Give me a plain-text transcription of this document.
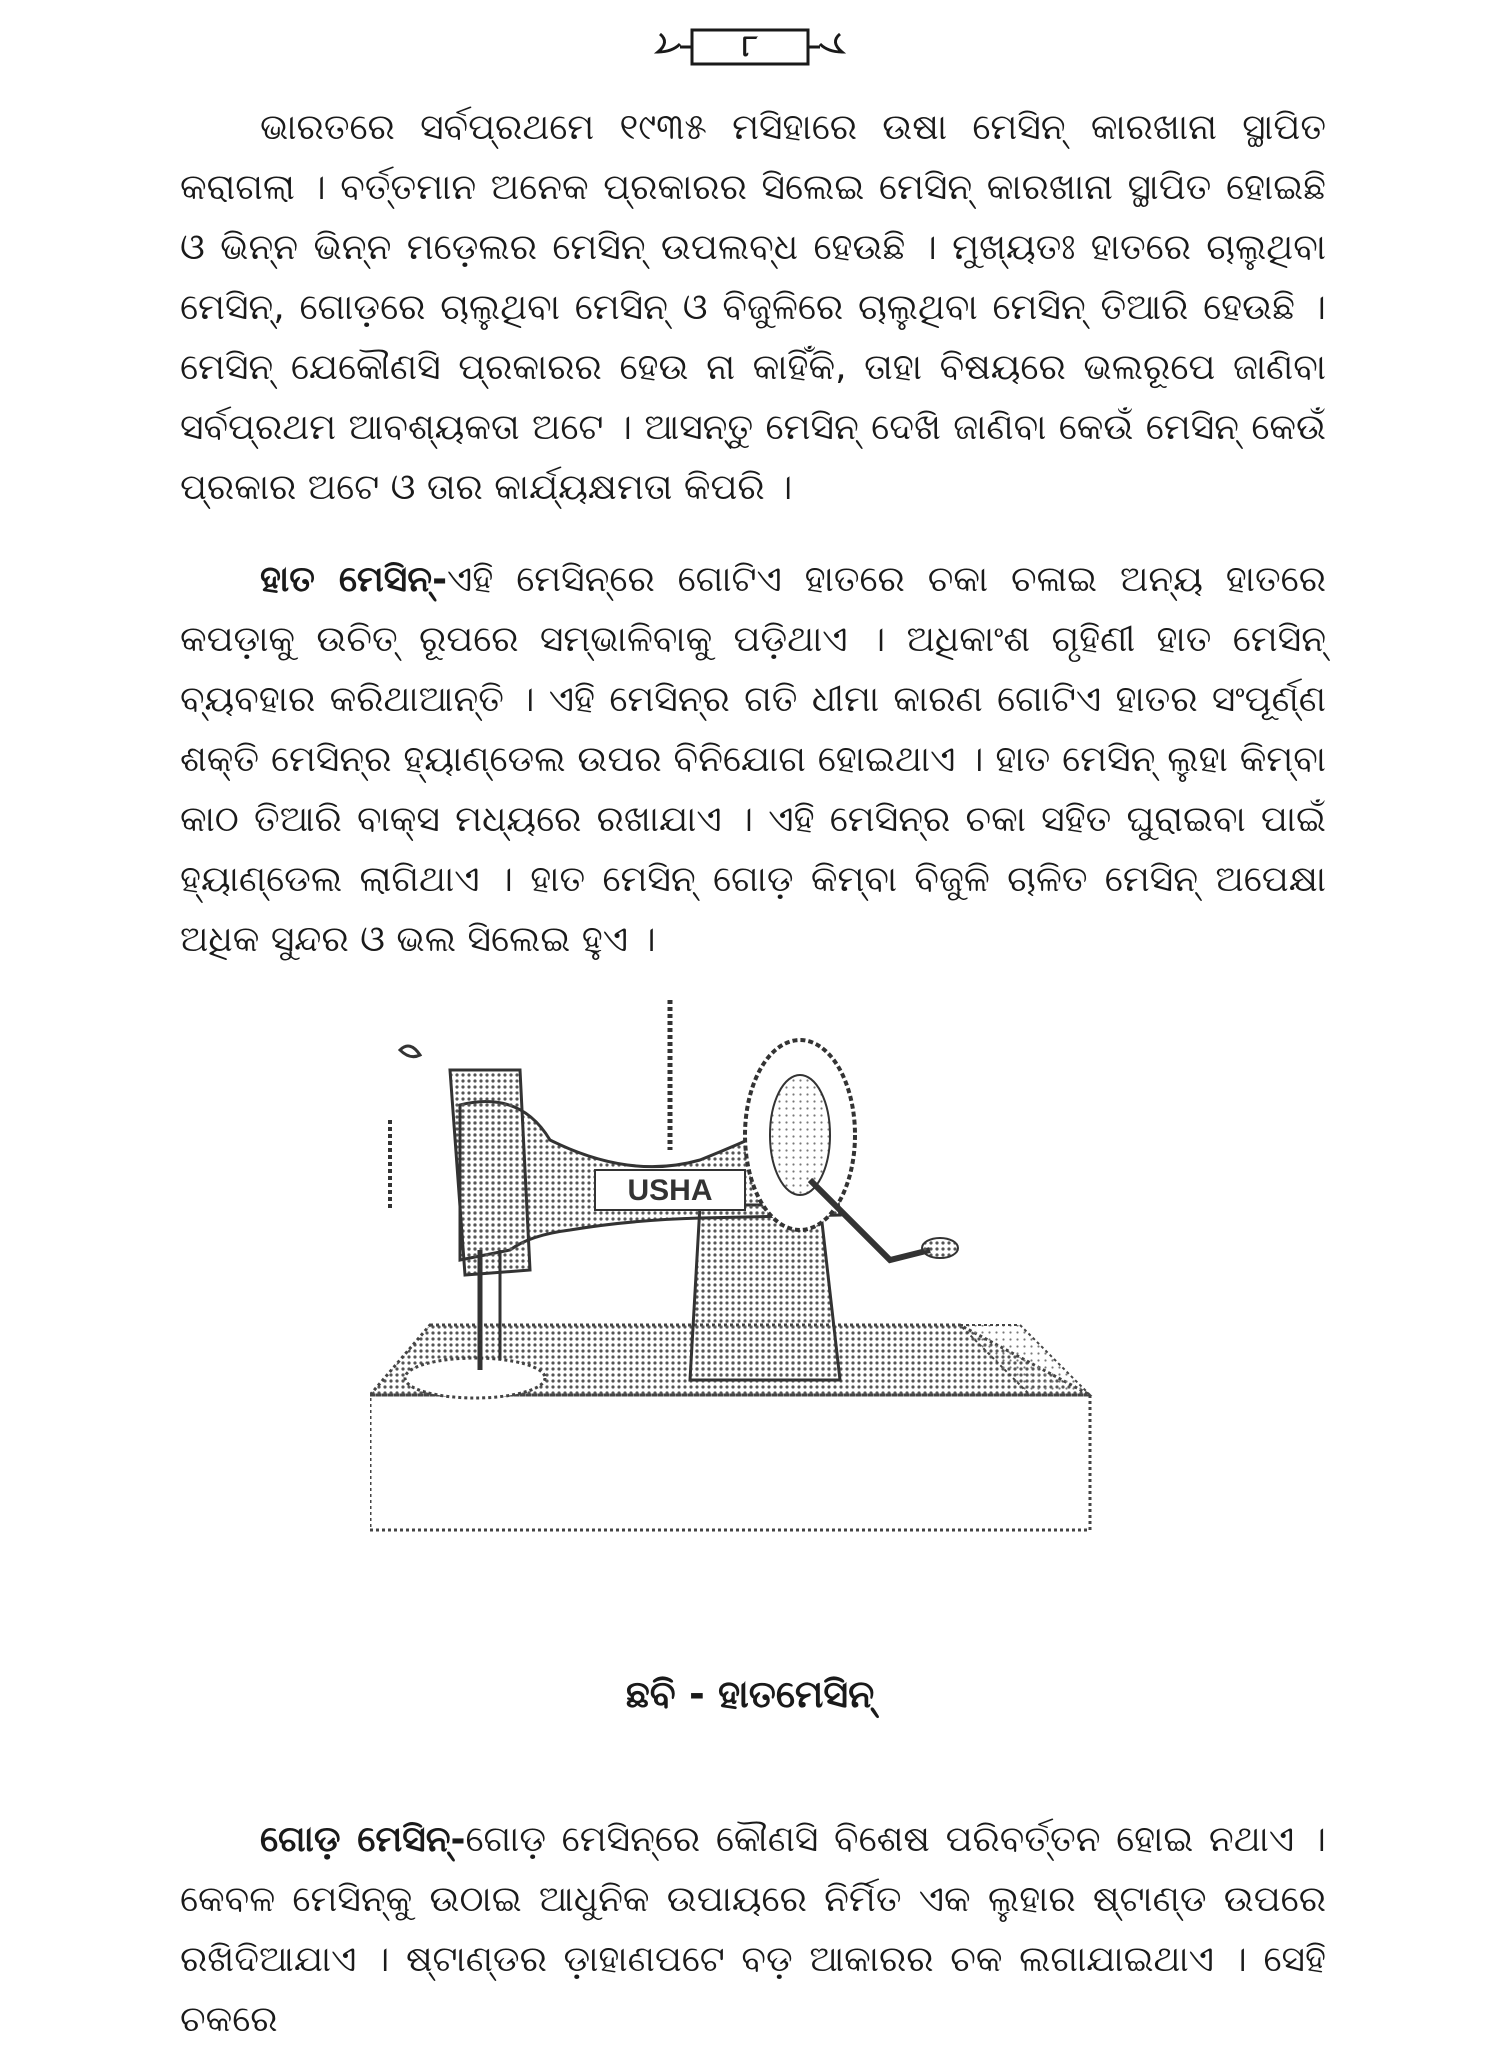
୮

ଭାରତରେ ସର୍ବପ୍ରଥମେ ୧୯୩୫ ମସିହାରେ ଉଷା ମେସିନ୍ କାରଖାନା ସ୍ଥାପିତ କରାଗଲା । ବର୍ତ୍ତମାନ ଅନେକ ପ୍ରକାରର ସିଲେଇ ମେସିନ୍ କାରଖାନା ସ୍ଥାପିତ ହୋଇଛି ଓ ଭିନ୍ନ ଭିନ୍ନ ମଡ଼େଲର ମେସିନ୍ ଉପଲବ୍ଧ ହେଉଛି । ମୁଖ୍ୟତଃ ହାତରେ ଚାଲୁଥିବା ମେସିନ୍, ଗୋଡ଼ରେ ଚାଲୁଥିବା ମେସିନ୍ ଓ ବିଜୁଳିରେ ଚାଲୁଥିବା ମେସିନ୍ ତିଆରି ହେଉଛି । ମେସିନ୍ ଯେକୌଣସି ପ୍ରକାରର ହେଉ ନା କାହିଁକି, ତାହା ବିଷୟରେ ଭଲରୂପେ ଜାଣିବା ସର୍ବପ୍ରଥମ ଆବଶ୍ୟକତା ଅଟେ । ଆସନ୍ତୁ ମେସିନ୍ ଦେଖି ଜାଣିବା କେଉଁ ମେସିନ୍ କେଉଁ ପ୍ରକାର ଅଟେ ଓ ତାର କାର୍ଯ୍ୟକ୍ଷମତା କିପରି ।

ହାତ ମେସିନ୍-ଏହି ମେସିନ୍‌ରେ ଗୋଟିଏ ହାତରେ ଚକା ଚଳାଇ ଅନ୍ୟ ହାତରେ କପଡ଼ାକୁ ଉଚିତ୍ ରୂପରେ ସମ୍ଭାଳିବାକୁ ପଡ଼ିଥାଏ । ଅଧିକାଂଶ ଗୃହିଣୀ ହାତ ମେସିନ୍ ବ୍ୟବହାର କରିଥାଆନ୍ତି । ଏହି ମେସିନ୍‌ର ଗତି ଧୀମା କାରଣ ଗୋଟିଏ ହାତର ସଂପୂର୍ଣ୍ଣ ଶକ୍ତି ମେସିନ୍‌ର ହ୍ୟାଣ୍ଡେଲ ଉପର ବିନିଯୋଗ ହୋଇଥାଏ । ହାତ ମେସିନ୍ ଲୁହା କିମ୍ବା କାଠ ତିଆରି ବାକ୍ସ ମଧ୍ୟରେ ରଖାଯାଏ । ଏହି ମେସିନ୍‌ର ଚକା ସହିତ ଘୁରାଇବା ପାଇଁ ହ୍ୟାଣ୍ଡେଲ ଲାଗିଥାଏ । ହାତ ମେସିନ୍ ଗୋଡ଼ କିମ୍ବା ବିଜୁଳି ଚାଳିତ ମେସିନ୍ ଅପେକ୍ଷା ଅଧିକ ସୁନ୍ଦର ଓ ଭଲ ସିଲେଇ ହୁଏ ।

USHA
ଛବି - ହାତମେସିନ୍

ଗୋଡ଼ ମେସିନ୍-ଗୋଡ଼ ମେସିନ୍‌ରେ କୌଣସି ବିଶେଷ ପରିବର୍ତ୍ତନ ହୋଇ ନଥାଏ । କେବଳ ମେସିନ୍‌କୁ ଉଠାଇ ଆଧୁନିକ ଉପାୟରେ ନିର୍ମିତ ଏକ ଲୁହାର ଷ୍ଟାଣ୍ଡ ଉପରେ ରଖିଦିଆଯାଏ । ଷ୍ଟାଣ୍ଡର ଡ଼ାହାଣପଟେ ବଡ଼ ଆକାରର ଚକ ଲଗାଯାଇଥାଏ । ସେହି ଚକରେ
